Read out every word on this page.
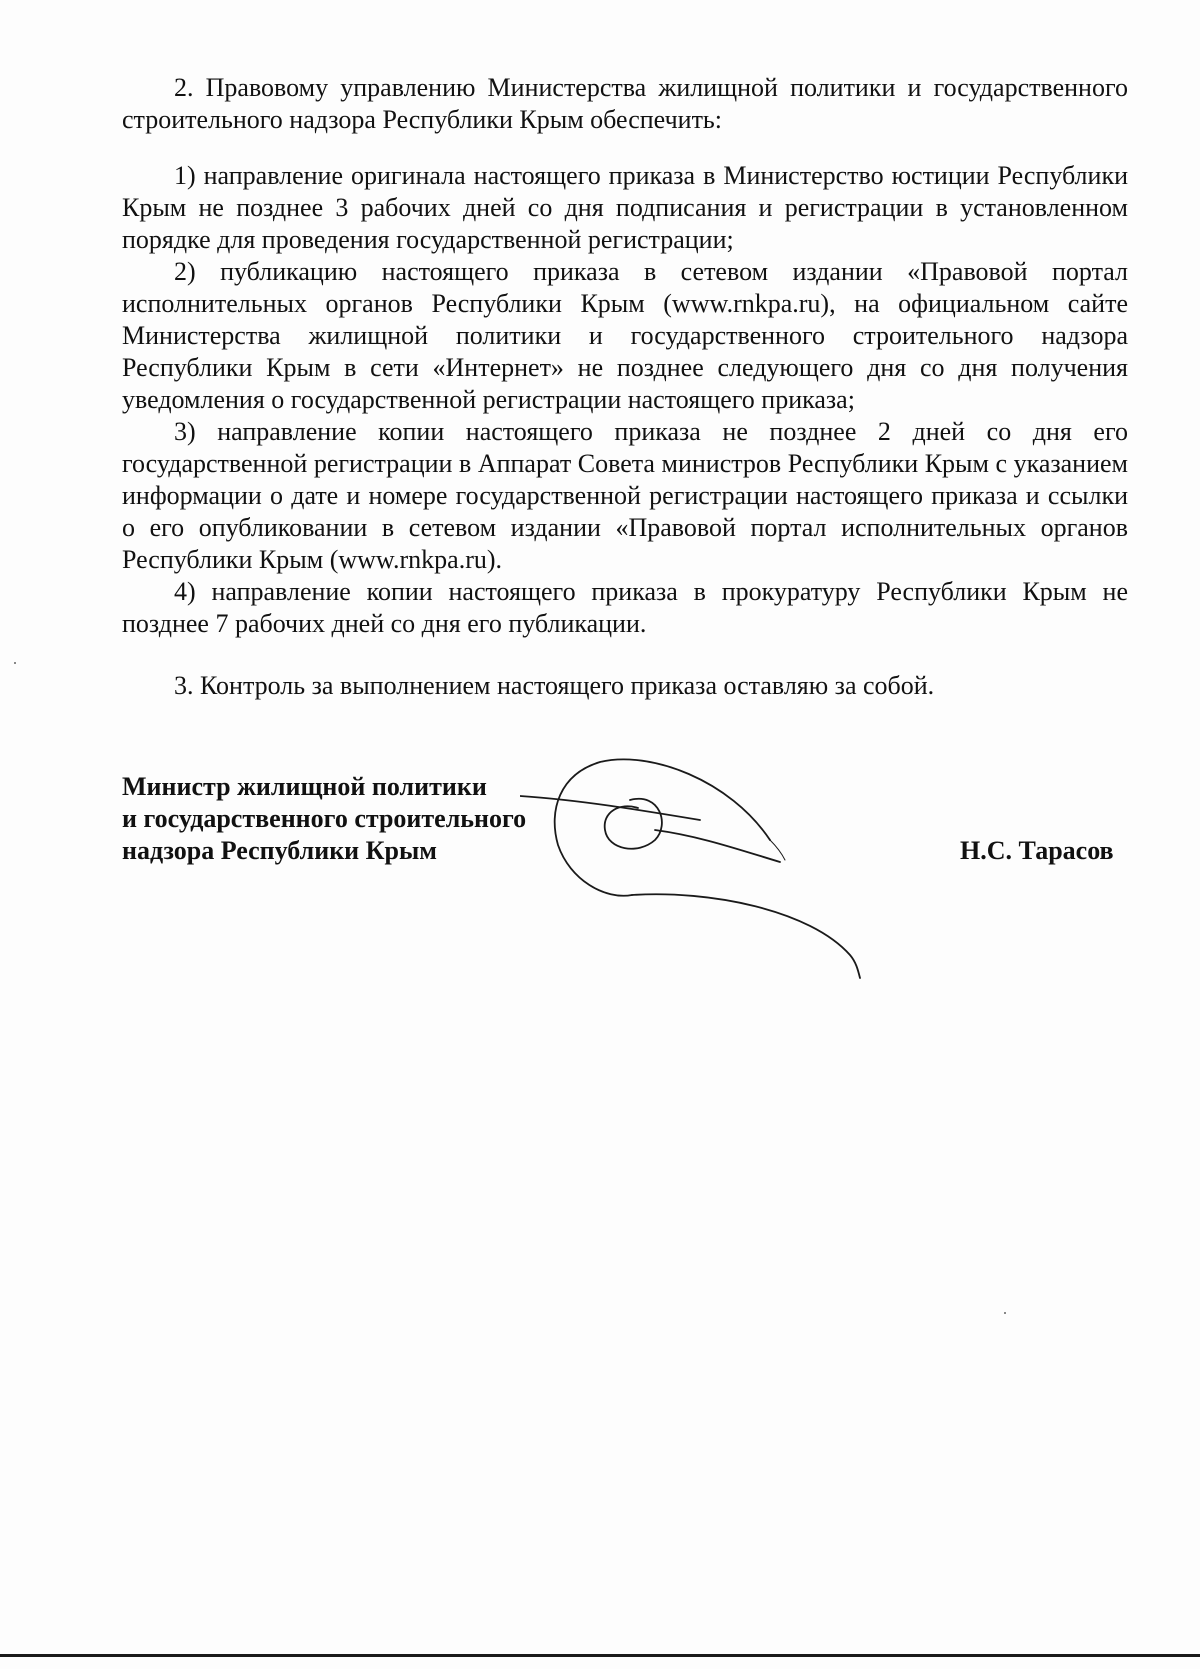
2. Правовому управлению Министерства жилищной политики и государственного строительного надзора Республики Крым обеспечить:

1) направление оригинала настоящего приказа в Министерство юстиции Республики Крым не позднее 3 рабочих дней со дня подписания и регистрации в установленном порядке для проведения государственной регистрации;

2) публикацию настоящего приказа в сетевом издании «Правовой портал исполнительных органов Республики Крым (www.rnkpa.ru), на официальном сайте Министерства жилищной политики и государственного строительного надзора Республики Крым в сети «Интернет» не позднее следующего дня со дня получения уведомления о государственной регистрации настоящего приказа;

3) направление копии настоящего приказа не позднее 2 дней со дня его государственной регистрации в Аппарат Совета министров Республики Крым с указанием информации о дате и номере государственной регистрации настоящего приказа и ссылки о его опубликовании в сетевом издании «Правовой портал исполнительных органов Республики Крым (www.rnkpa.ru).

4) направление копии настоящего приказа в прокуратуру Республики Крым не позднее 7 рабочих дней со дня его публикации.

3. Контроль за выполнением настоящего приказа оставляю за собой.

Министр жилищной политики
и государственного строительного
надзора Республики Крым	Н.С. Тарасов
